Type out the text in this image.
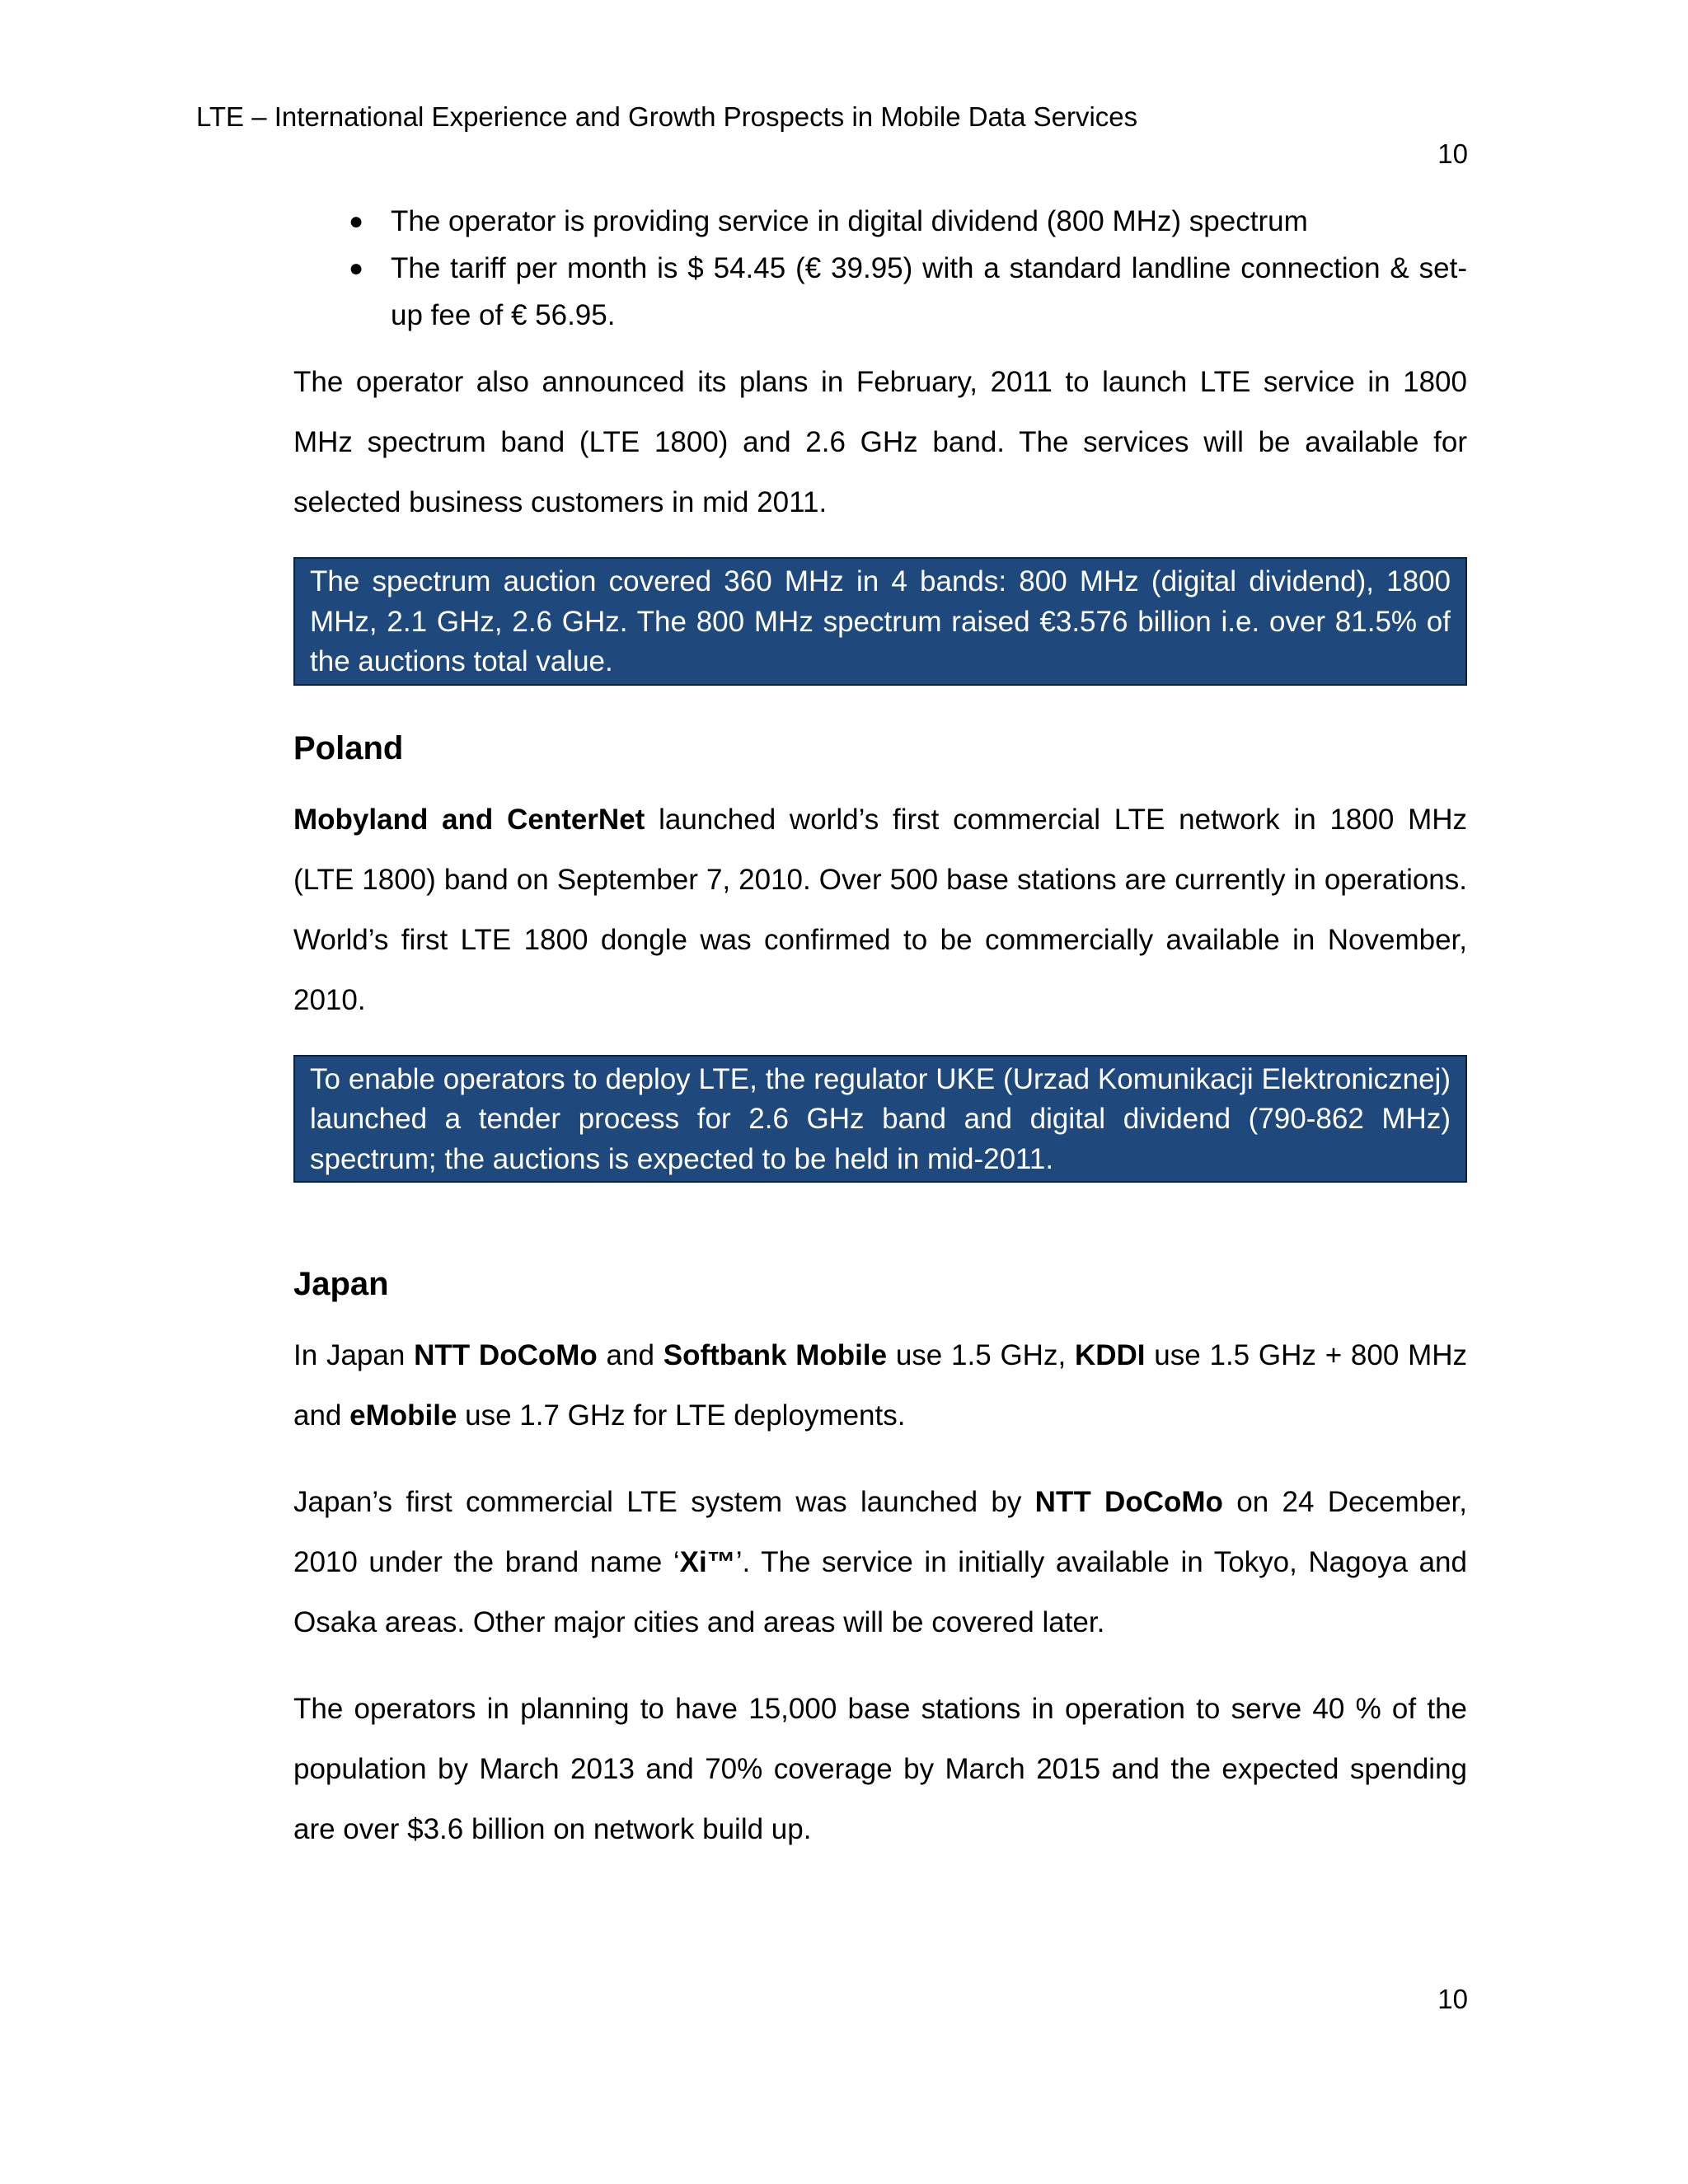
LTE – International Experience and Growth Prospects in Mobile Data Services
10
● The operator is providing service in digital dividend (800 MHz) spectrum
● The tariff per month is $ 54.45 (€ 39.95) with a standard landline connection & set-up fee of € 56.95.

The operator also announced its plans in February, 2011 to launch LTE service in 1800 MHz spectrum band (LTE 1800) and 2.6 GHz band. The services will be available for selected business customers in mid 2011.

The spectrum auction covered 360 MHz in 4 bands: 800 MHz (digital dividend), 1800 MHz, 2.1 GHz, 2.6 GHz. The 800 MHz spectrum raised €3.576 billion i.e. over 81.5% of the auctions total value.
Poland

Mobyland and CenterNet launched world’s first commercial LTE network in 1800 MHz (LTE 1800) band on September 7, 2010. Over 500 base stations are currently in operations. World’s first LTE 1800 dongle was confirmed to be commercially available in November, 2010.

To enable operators to deploy LTE, the regulator UKE (Urzad Komunikacji Elektronicznej) launched a tender process for 2.6 GHz band and digital dividend (790-862 MHz) spectrum; the auctions is expected to be held in mid-2011.
Japan

In Japan NTT DoCoMo and Softbank Mobile use 1.5 GHz, KDDI use 1.5 GHz + 800 MHz and eMobile use 1.7 GHz for LTE deployments.

Japan’s first commercial LTE system was launched by NTT DoCoMo on 24 December, 2010 under the brand name ‘Xi™’. The service in initially available in Tokyo, Nagoya and Osaka areas. Other major cities and areas will be covered later.

The operators in planning to have 15,000 base stations in operation to serve 40 % of the population by March 2013 and 70% coverage by March 2015 and the expected spending are over $3.6 billion on network build up.

10
